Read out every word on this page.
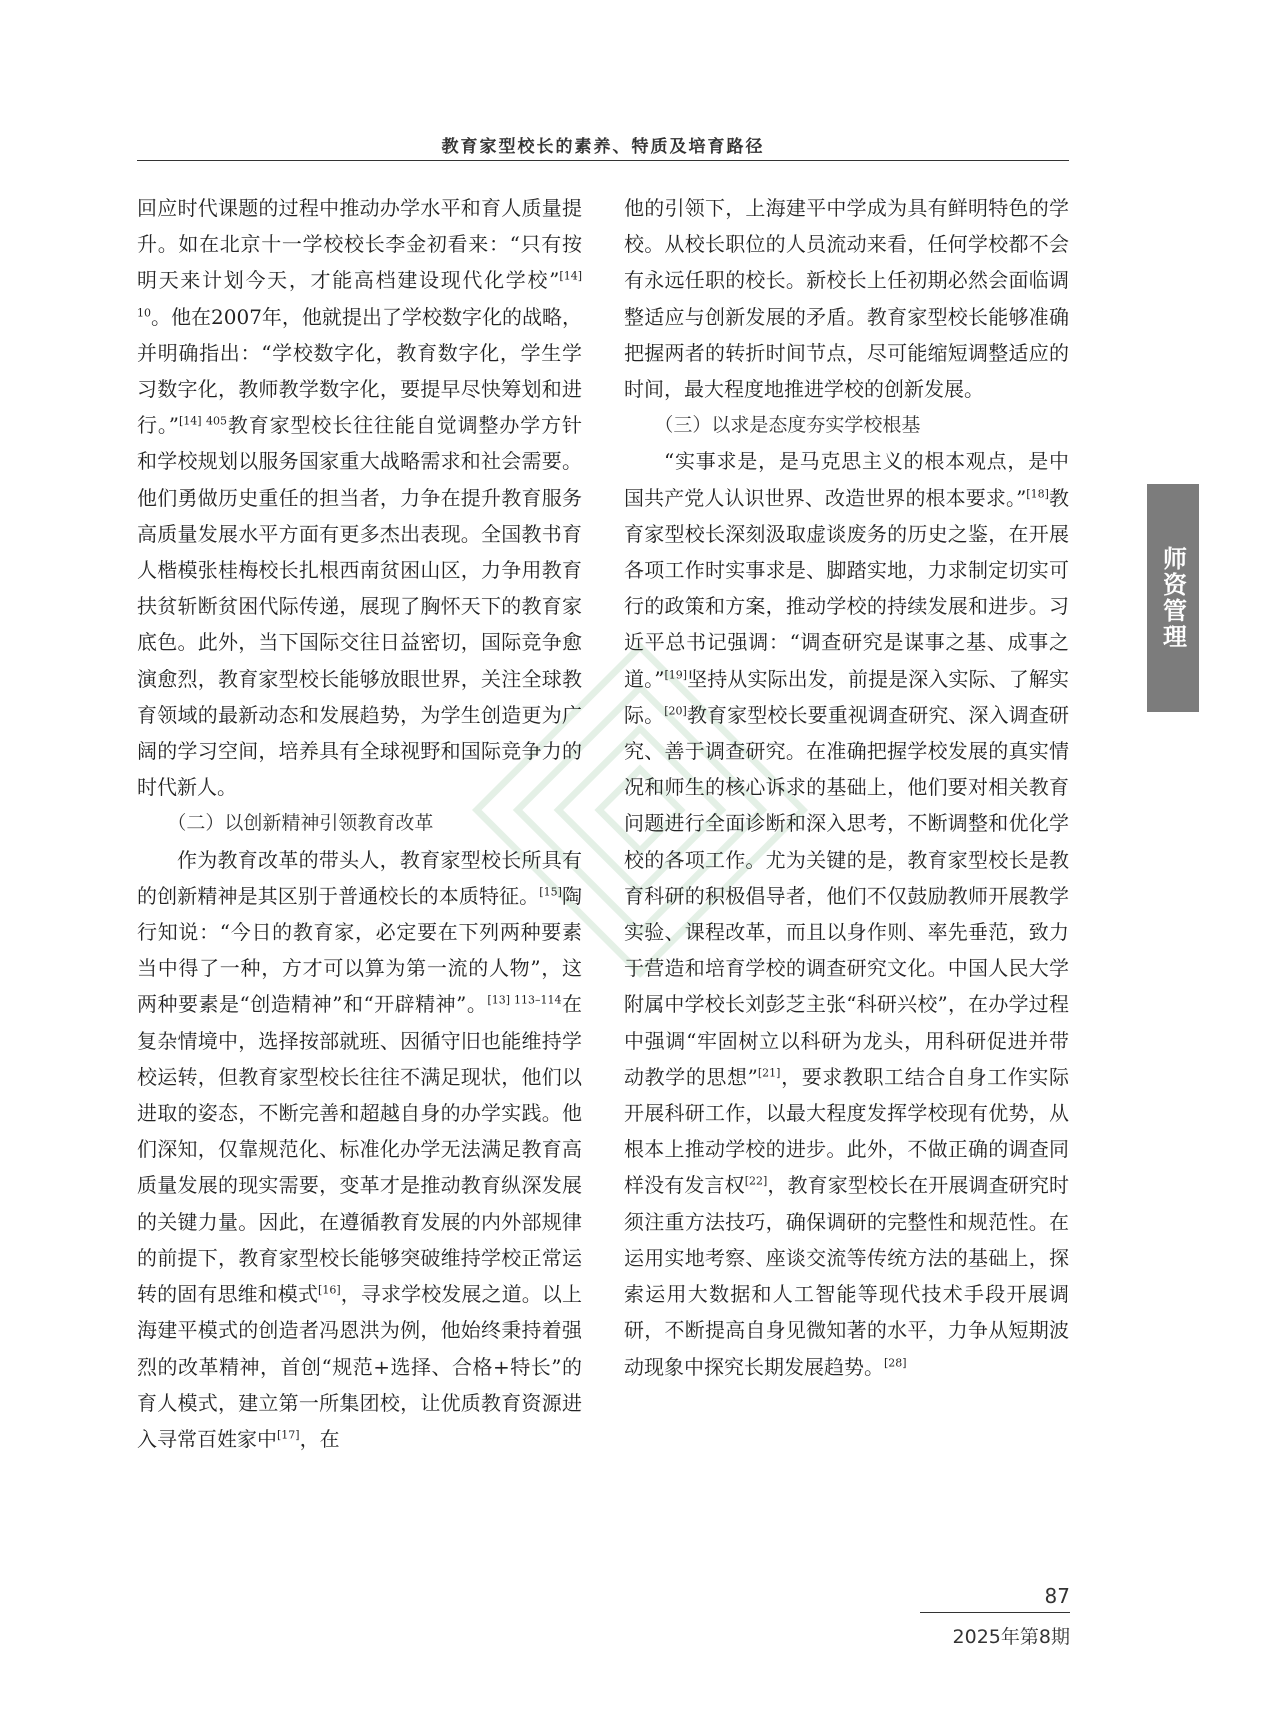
教育家型校长的素养、特质及培育路径

回应时代课题的过程中推动办学水平和育人质量提升。如在北京十一学校校长李金初看来：“只有按明天来计划今天，才能高档建设现代化学校”$^{[14] 10}$。他在2007年，他就提出了学校数字化的战略，并明确指出：“学校数字化，教育数字化，学生学习数字化，教师教学数字化，要提早尽快筹划和进行。”$^{[14] 405}$教育家型校长往往能自觉调整办学方针和学校规划以服务国家重大战略需求和社会需要。他们勇做历史重任的担当者，力争在提升教育服务高质量发展水平方面有更多杰出表现。全国教书育人楷模张桂梅校长扎根西南贫困山区，力争用教育扶贫斩断贫困代际传递，展现了胸怀天下的教育家底色。此外，当下国际交往日益密切，国际竞争愈演愈烈，教育家型校长能够放眼世界，关注全球教育领域的最新动态和发展趋势，为学生创造更为广阔的学习空间，培养具有全球视野和国际竞争力的时代新人。

（二）以创新精神引领教育改革

作为教育改革的带头人，教育家型校长所具有的创新精神是其区别于普通校长的本质特征。[15]陶行知说：“今日的教育家，必定要在下列两种要素当中得了一种，方才可以算为第一流的人物”，这两种要素是“创造精神”和“开辟精神”。$^{[13] 113-114}$在复杂情境中，选择按部就班、因循守旧也能维持学校运转，但教育家型校长往往不满足现状，他们以进取的姿态，不断完善和超越自身的办学实践。他们深知，仅靠规范化、标准化办学无法满足教育高质量发展的现实需要，变革才是推动教育纵深发展的关键力量。因此，在遵循教育发展的内外部规律的前提下，教育家型校长能够突破维持学校正常运转的固有思维和模式[16]，寻求学校发展之道。以上海建平模式的创造者冯恩洪为例，他始终秉持着强烈的改革精神，首创“规范+选择、合格+特长”的育人模式，建立第一所集团校，让优质教育资源进入寻常百姓家中[17]，在

他的引领下，上海建平中学成为具有鲜明特色的学校。从校长职位的人员流动来看，任何学校都不会有永远任职的校长。新校长上任初期必然会面临调整适应与创新发展的矛盾。教育家型校长能够准确把握两者的转折时间节点，尽可能缩短调整适应的时间，最大程度地推进学校的创新发展。

（三）以求是态度夯实学校根基

“实事求是，是马克思主义的根本观点，是中国共产党人认识世界、改造世界的根本要求。”[18]教育家型校长深刻汲取虚谈废务的历史之鉴，在开展各项工作时实事求是、脚踏实地，力求制定切实可行的政策和方案，推动学校的持续发展和进步。习近平总书记强调：“调查研究是谋事之基、成事之道。”[19]坚持从实际出发，前提是深入实际、了解实际。[20]教育家型校长要重视调查研究、深入调查研究、善于调查研究。在准确把握学校发展的真实情况和师生的核心诉求的基础上，他们要对相关教育问题进行全面诊断和深入思考，不断调整和优化学校的各项工作。尤为关键的是，教育家型校长是教育科研的积极倡导者，他们不仅鼓励教师开展教学实验、课程改革，而且以身作则、率先垂范，致力于营造和培育学校的调查研究文化。中国人民大学附属中学校长刘彭芝主张“科研兴校”，在办学过程中强调“牢固树立以科研为龙头，用科研促进并带动教学的思想”[21]，要求教职工结合自身工作实际开展科研工作，以最大程度发挥学校现有优势，从根本上推动学校的进步。此外，不做正确的调查同样没有发言权[22]，教育家型校长在开展调查研究时须注重方法技巧，确保调研的完整性和规范性。在运用实地考察、座谈交流等传统方法的基础上，探索运用大数据和人工智能等现代技术手段开展调研，不断提高自身见微知著的水平，力争从短期波动现象中探究长期发展趋势。[28]

师资管理
87
2025年第8期
